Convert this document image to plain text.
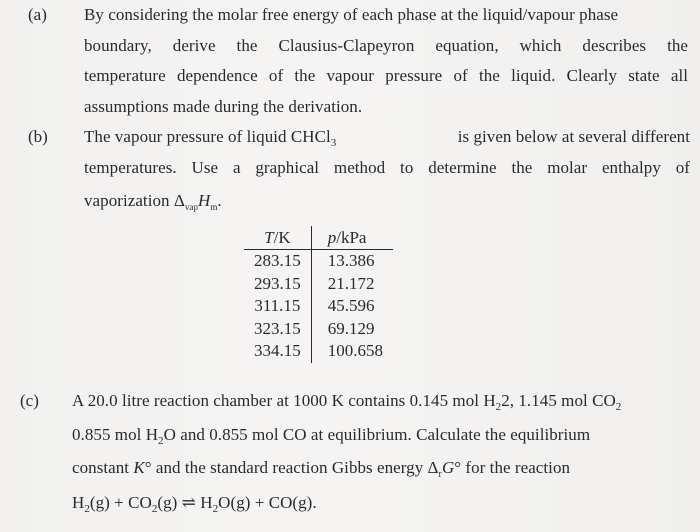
(a) By considering the molar free energy of each phase at the liquid/vapour phase
boundary, derive the Clausius-Clapeyron equation, which describes the
temperature dependence of the vapour pressure of the liquid. Clearly state all
assumptions made during the derivation.
(b) The vapour pressure of liquid CHCl$_3$	is given below at several different
temperatures. Use a graphical method to determine the molar enthalpy of
vaporization $\Delta_{vap}H_m$.
T/K	p/kPa
283.15	13.386
293.15	21.172
311.15	45.596
323.15	69.129
334.15	100.658
(c) A 20.0 litre reaction chamber at 1000 K contains 0.145 mol $H_22$, 1.145 mol $CO_2$
0.855 mol $H_2O$ and 0.855 mol CO at equilibrium. Calculate the equilibrium
constant K° and the standard reaction Gibbs energy $\Delta_rG^\circ$ for the reaction
$H_2(g) + CO_2(g)$ ⇌ $H_2O(g) + CO(g)$.
